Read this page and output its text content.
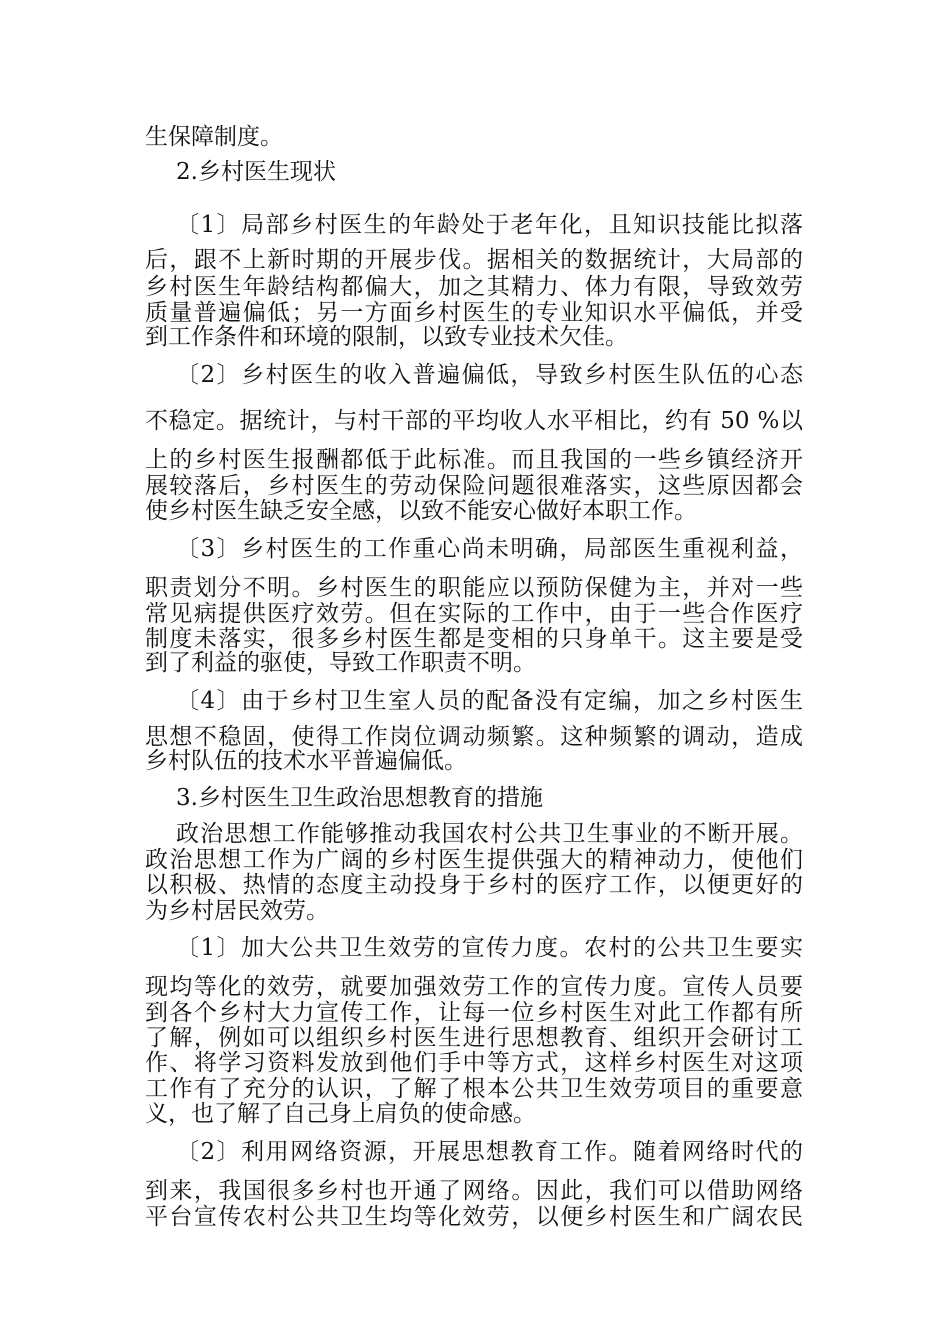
生保障制度。
2.乡村医生现状
〔1〕局部乡村医生的年龄处于老年化，且知识技能比拟落
后，跟不上新时期的开展步伐。据相关的数据统计，大局部的
乡村医生年龄结构都偏大，加之其精力、体力有限，导致效劳
质量普遍偏低；另一方面乡村医生的专业知识水平偏低，并受
到工作条件和环境的限制，以致专业技术欠佳。
〔2〕乡村医生的收入普遍偏低，导致乡村医生队伍的心态
不稳定。据统计，与村干部的平均收人水平相比，约有 50 %以
上的乡村医生报酬都低于此标准。而且我国的一些乡镇经济开
展较落后，乡村医生的劳动保险问题很难落实，这些原因都会
使乡村医生缺乏安全感，以致不能安心做好本职工作。
〔3〕乡村医生的工作重心尚未明确，局部医生重视利益，
职责划分不明。乡村医生的职能应以预防保健为主，并对一些
常见病提供医疗效劳。但在实际的工作中，由于一些合作医疗
制度未落实，很多乡村医生都是变相的只身单干。这主要是受
到了利益的驱使，导致工作职责不明。
〔4〕由于乡村卫生室人员的配备没有定编，加之乡村医生
思想不稳固，使得工作岗位调动频繁。这种频繁的调动，造成
乡村队伍的技术水平普遍偏低。
3.乡村医生卫生政治思想教育的措施
政治思想工作能够推动我国农村公共卫生事业的不断开展。
政治思想工作为广阔的乡村医生提供强大的精神动力，使他们
以积极、热情的态度主动投身于乡村的医疗工作，以便更好的
为乡村居民效劳。
〔1〕加大公共卫生效劳的宣传力度。农村的公共卫生要实
现均等化的效劳，就要加强效劳工作的宣传力度。宣传人员要
到各个乡村大力宣传工作，让每一位乡村医生对此工作都有所
了解，例如可以组织乡村医生进行思想教育、组织开会研讨工
作、将学习资料发放到他们手中等方式，这样乡村医生对这项
工作有了充分的认识，了解了根本公共卫生效劳项目的重要意
义，也了解了自己身上肩负的使命感。
〔2〕利用网络资源，开展思想教育工作。随着网络时代的
到来，我国很多乡村也开通了网络。因此，我们可以借助网络
平台宣传农村公共卫生均等化效劳，以便乡村医生和广阔农民
